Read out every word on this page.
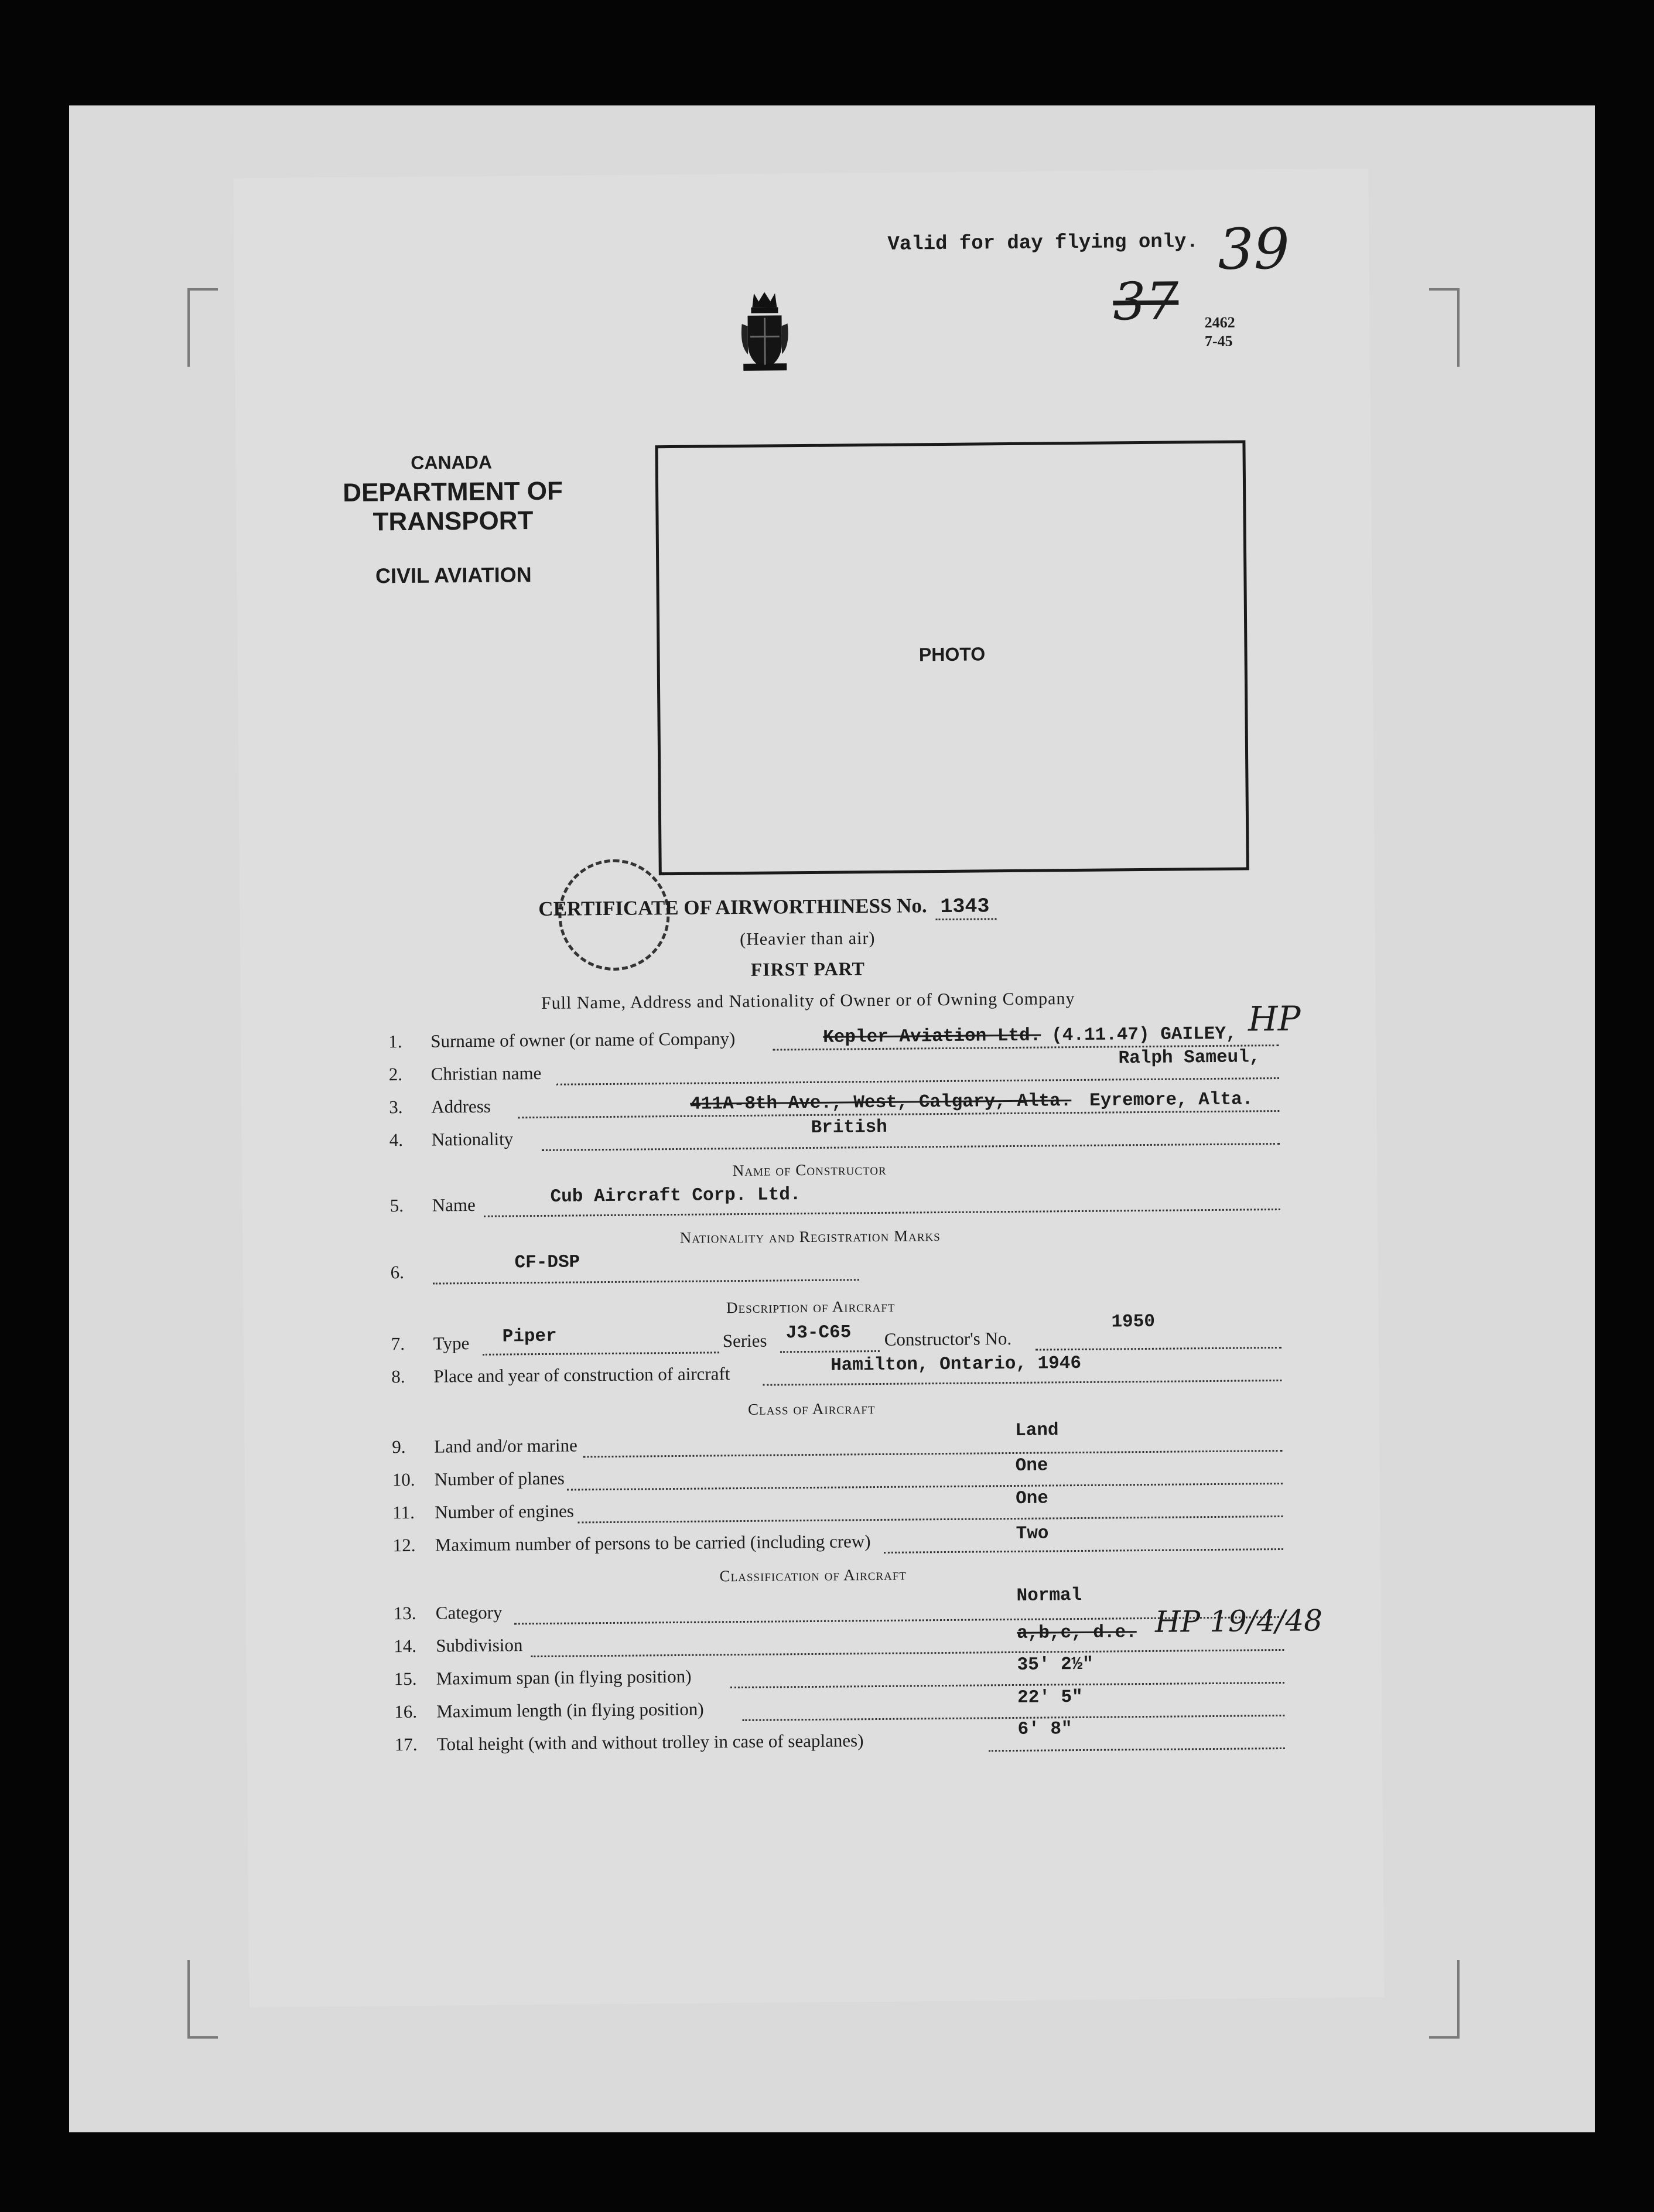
Valid for day flying only. 39
37 2462
7-45
CANADA
DEPARTMENT OF TRANSPORT
CIVIL AVIATION
PHOTO
CERTIFICATE OF AIRWORTHINESS No. 1343
(Heavier than air)
FIRST PART
Full Name, Address and Nationality of Owner or of Owning Company
1.	Surname of owner (or name of Company)	Kepler Aviation Ltd. (4.11.47) GAILEY, HP
2.	Christian name
Ralph Sameul,
3.	Address	411A-8th Ave., West, Calgary, Alta. Eyremore, Alta.
4.	Nationality
British
Name of Constructor
5.	Name	Cub Aircraft Corp. Ltd.
Nationality and Registration Marks
6.	CF-DSP
Description of Aircraft
7.	Type Piper	Series J3-C65 Constructor's No.
1950
8.	Place and year of construction of aircraft	Hamilton, Ontario, 1946
Class of Aircraft
9.	Land and/or marine
Land
10. Number of planes
One
11. Number of engines
One
12. Maximum number of persons to be carried (including crew)	Two
Classification of Aircraft
13. Category
Normal
14. Subdivision
a,b,c, d.e. HP 19/4/48
15. Maximum span (in flying position)
35' 2½"
16. Maximum length (in flying position)
22' 5"
17. Total height (with and without trolley in case of seaplanes)
6' 8"
